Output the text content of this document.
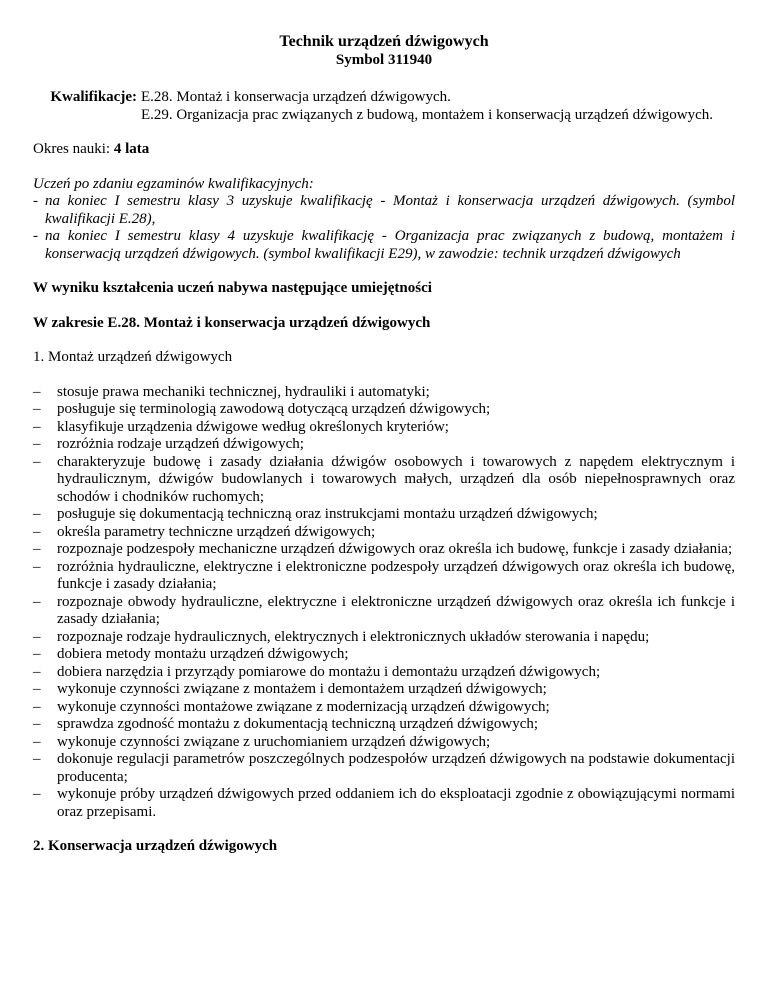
Technik urządzeń dźwigowych

Symbol 311940

Kwalifikacje: E.28. Montaż i konserwacja urządzeń dźwigowych.

E.29. Organizacja prac związanych z budową, montażem i konserwacją urządzeń dźwigowych.

Okres nauki: 4 lata

Uczeń po zdaniu egzaminów kwalifikacyjnych:

- na koniec I semestru klasy 3 uzyskuje kwalifikację - Montaż i konserwacja urządzeń dźwigowych. (symbol kwalifikacji E.28),
- na koniec I semestru klasy 4 uzyskuje kwalifikację - Organizacja prac związanych z budową, montażem i konserwacją urządzeń dźwigowych. (symbol kwalifikacji E29), w zawodzie: technik urządzeń dźwigowych

W wyniku kształcenia uczeń nabywa następujące umiejętności

W zakresie E.28. Montaż i konserwacja urządzeń dźwigowych

1. Montaż urządzeń dźwigowych

– stosuje prawa mechaniki technicznej, hydrauliki i automatyki;
– posługuje się terminologią zawodową dotyczącą urządzeń dźwigowych;
– klasyfikuje urządzenia dźwigowe według określonych kryteriów;
– rozróżnia rodzaje urządzeń dźwigowych;
– charakteryzuje budowę i zasady działania dźwigów osobowych i towarowych z napędem elektrycznym i hydraulicznym, dźwigów budowlanych i towarowych małych, urządzeń dla osób niepełnosprawnych oraz schodów i chodników ruchomych;
– posługuje się dokumentacją techniczną oraz instrukcjami montażu urządzeń dźwigowych;
– określa parametry techniczne urządzeń dźwigowych;
– rozpoznaje podzespoły mechaniczne urządzeń dźwigowych oraz określa ich budowę, funkcje i zasady działania;
– rozróżnia hydrauliczne, elektryczne i elektroniczne podzespoły urządzeń dźwigowych oraz określa ich budowę, funkcje i zasady działania;
– rozpoznaje obwody hydrauliczne, elektryczne i elektroniczne urządzeń dźwigowych oraz określa ich funkcje i zasady działania;
– rozpoznaje rodzaje hydraulicznych, elektrycznych i elektronicznych układów sterowania i napędu;
– dobiera metody montażu urządzeń dźwigowych;
– dobiera narzędzia i przyrządy pomiarowe do montażu i demontażu urządzeń dźwigowych;
– wykonuje czynności związane z montażem i demontażem urządzeń dźwigowych;
– wykonuje czynności montażowe związane z modernizacją urządzeń dźwigowych;
– sprawdza zgodność montażu z dokumentacją techniczną urządzeń dźwigowych;
– wykonuje czynności związane z uruchomianiem urządzeń dźwigowych;
– dokonuje regulacji parametrów poszczególnych podzespołów urządzeń dźwigowych na podstawie dokumentacji producenta;
– wykonuje próby urządzeń dźwigowych przed oddaniem ich do eksploatacji zgodnie z obowiązującymi normami oraz przepisami.

2. Konserwacja urządzeń dźwigowych
